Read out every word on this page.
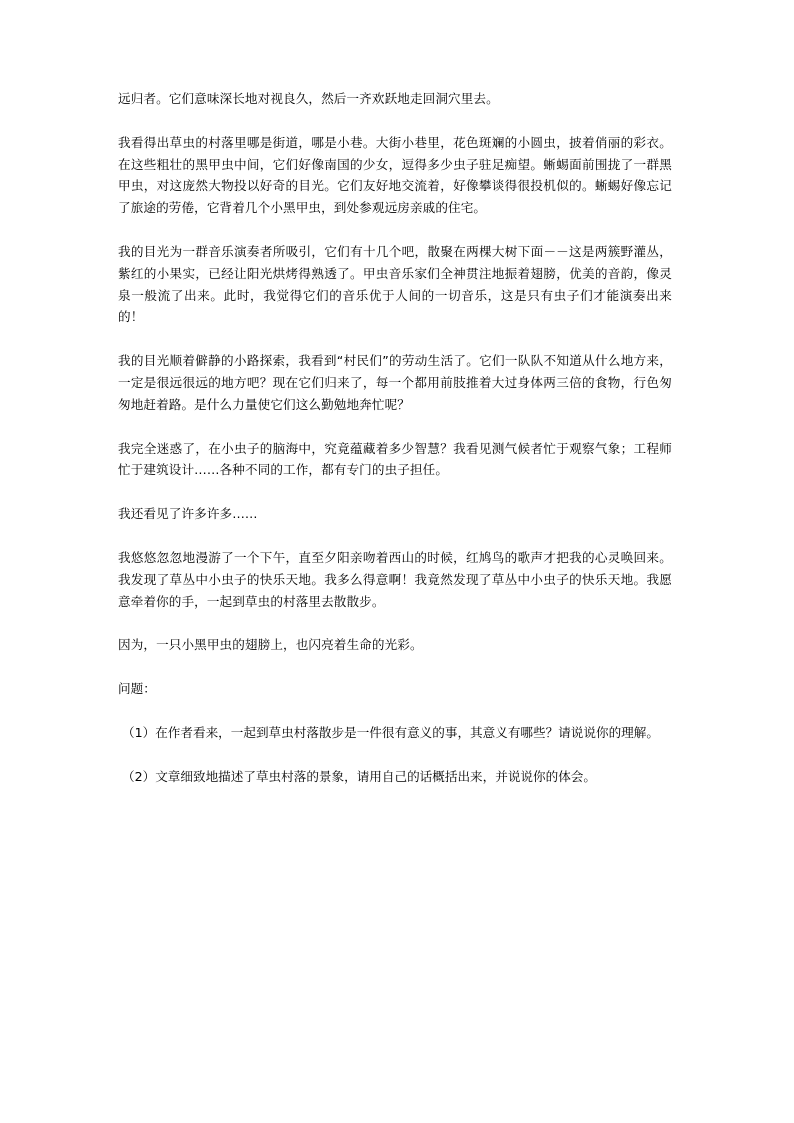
远归者。它们意味深长地对视良久，然后一齐欢跃地走回洞穴里去。

我看得出草虫的村落里哪是街道，哪是小巷。大街小巷里，花色斑斓的小圆虫，披着俏丽的彩衣。在这些粗壮的黑甲虫中间，它们好像南国的少女，逗得多少虫子驻足痴望。蜥蜴面前围拢了一群黑甲虫，对这庞然大物投以好奇的目光。它们友好地交流着，好像攀谈得很投机似的。蜥蜴好像忘记了旅途的劳倦，它背着几个小黑甲虫，到处参观远房亲戚的住宅。

我的目光为一群音乐演奏者所吸引，它们有十几个吧，散聚在两棵大树下面－－这是两簇野灌丛，紫红的小果实，已经让阳光烘烤得熟透了。甲虫音乐家们全神贯注地振着翅膀，优美的音韵，像灵泉一般流了出来。此时，我觉得它们的音乐优于人间的一切音乐，这是只有虫子们才能演奏出来的！

我的目光顺着僻静的小路探索，我看到“村民们”的劳动生活了。它们一队队不知道从什么地方来，一定是很远很远的地方吧？现在它们归来了，每一个都用前肢推着大过身体两三倍的食物，行色匆匆地赶着路。是什么力量使它们这么勤勉地奔忙呢？

我完全迷惑了，在小虫子的脑海中，究竟蕴藏着多少智慧？我看见测气候者忙于观察气象；工程师忙于建筑设计……各种不同的工作，都有专门的虫子担任。

我还看见了许多许多……

我悠悠忽忽地漫游了一个下午，直至夕阳亲吻着西山的时候，红鸠鸟的歌声才把我的心灵唤回来。我发现了草丛中小虫子的快乐天地。我多么得意啊！我竟然发现了草丛中小虫子的快乐天地。我愿意牵着你的手，一起到草虫的村落里去散散步。

因为，一只小黑甲虫的翅膀上，也闪亮着生命的光彩。

问题：

（1）在作者看来，一起到草虫村落散步是一件很有意义的事，其意义有哪些？请说说你的理解。

（2）文章细致地描述了草虫村落的景象，请用自己的话概括出来，并说说你的体会。
